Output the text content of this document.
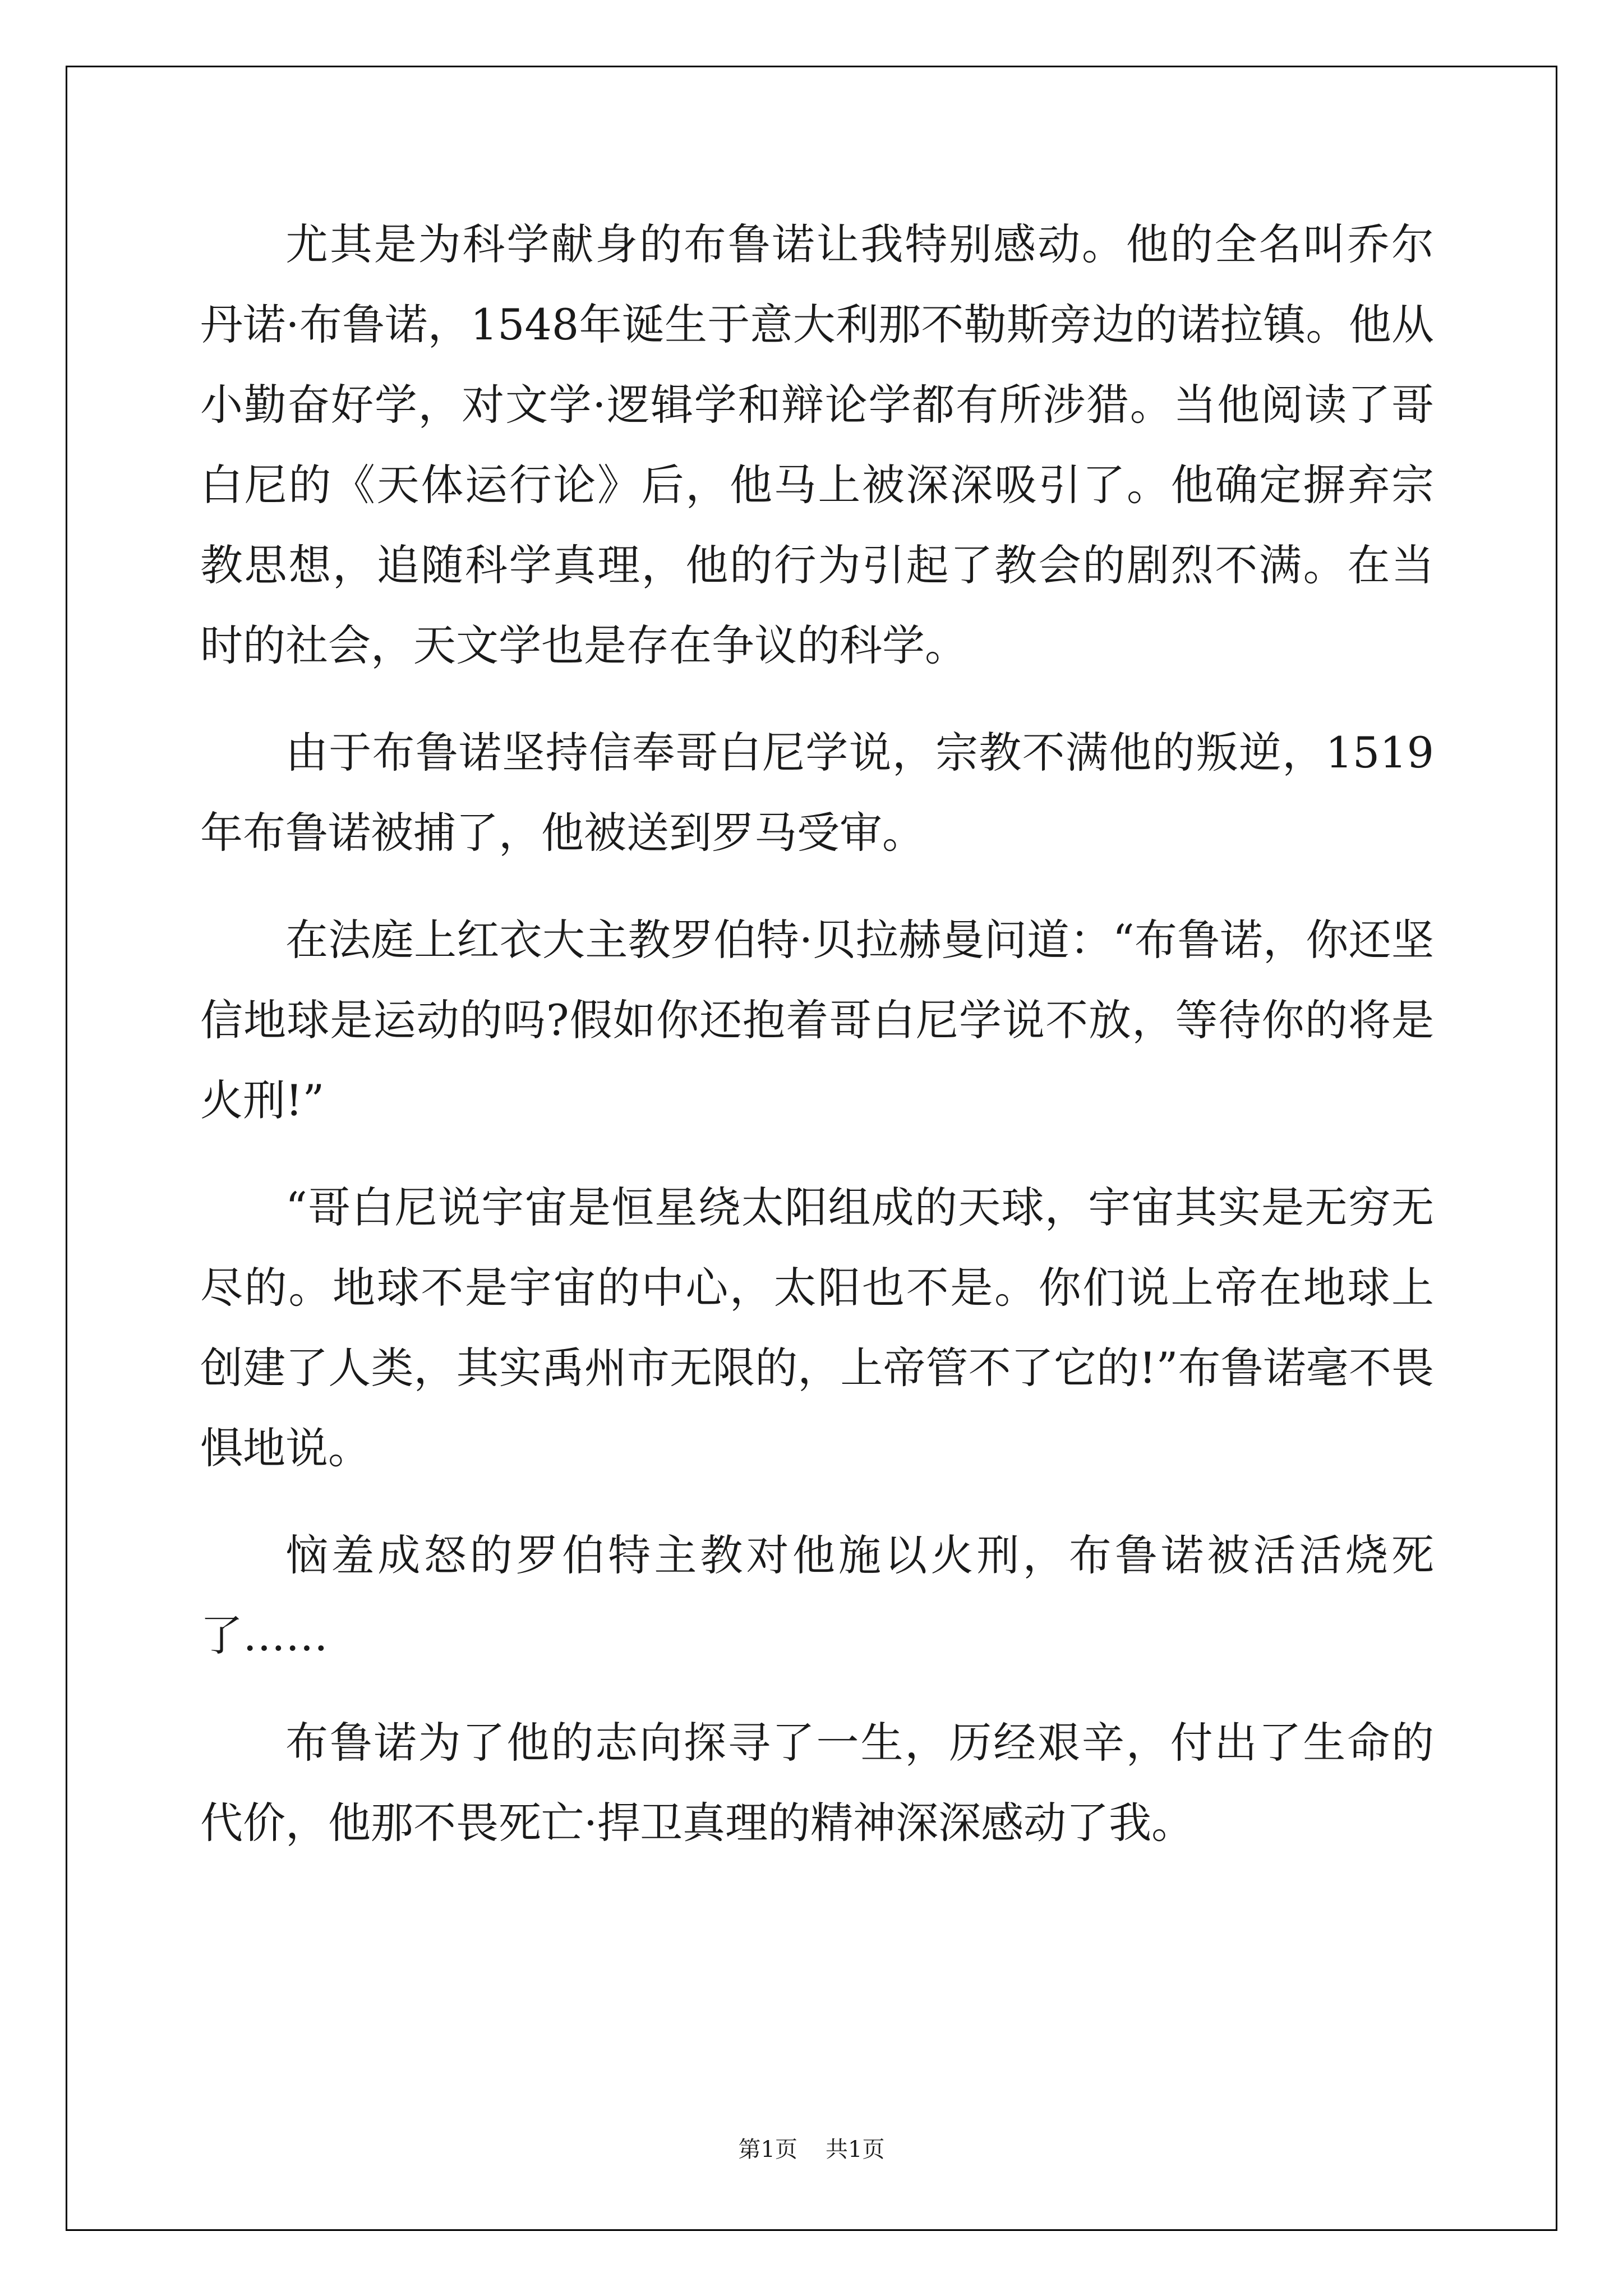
尤其是为科学献身的布鲁诺让我特别感动。他的全名叫乔尔丹诺·布鲁诺，1548年诞生于意大利那不勒斯旁边的诺拉镇。他从小勤奋好学，对文学·逻辑学和辩论学都有所涉猎。当他阅读了哥白尼的《天体运行论》后，他马上被深深吸引了。他确定摒弃宗教思想，追随科学真理，他的行为引起了教会的剧烈不满。在当时的社会，天文学也是存在争议的科学。

由于布鲁诺坚持信奉哥白尼学说，宗教不满他的叛逆，1519年布鲁诺被捕了，他被送到罗马受审。

在法庭上红衣大主教罗伯特·贝拉赫曼问道：“布鲁诺，你还坚信地球是运动的吗?假如你还抱着哥白尼学说不放，等待你的将是火刑!”

“哥白尼说宇宙是恒星绕太阳组成的天球，宇宙其实是无穷无尽的。地球不是宇宙的中心，太阳也不是。你们说上帝在地球上创建了人类，其实禹州市无限的，上帝管不了它的!”布鲁诺毫不畏惧地说。

恼羞成怒的罗伯特主教对他施以火刑，布鲁诺被活活烧死了……

布鲁诺为了他的志向探寻了一生，历经艰辛，付出了生命的代价，他那不畏死亡·捍卫真理的精神深深感动了我。

第1页 共1页
